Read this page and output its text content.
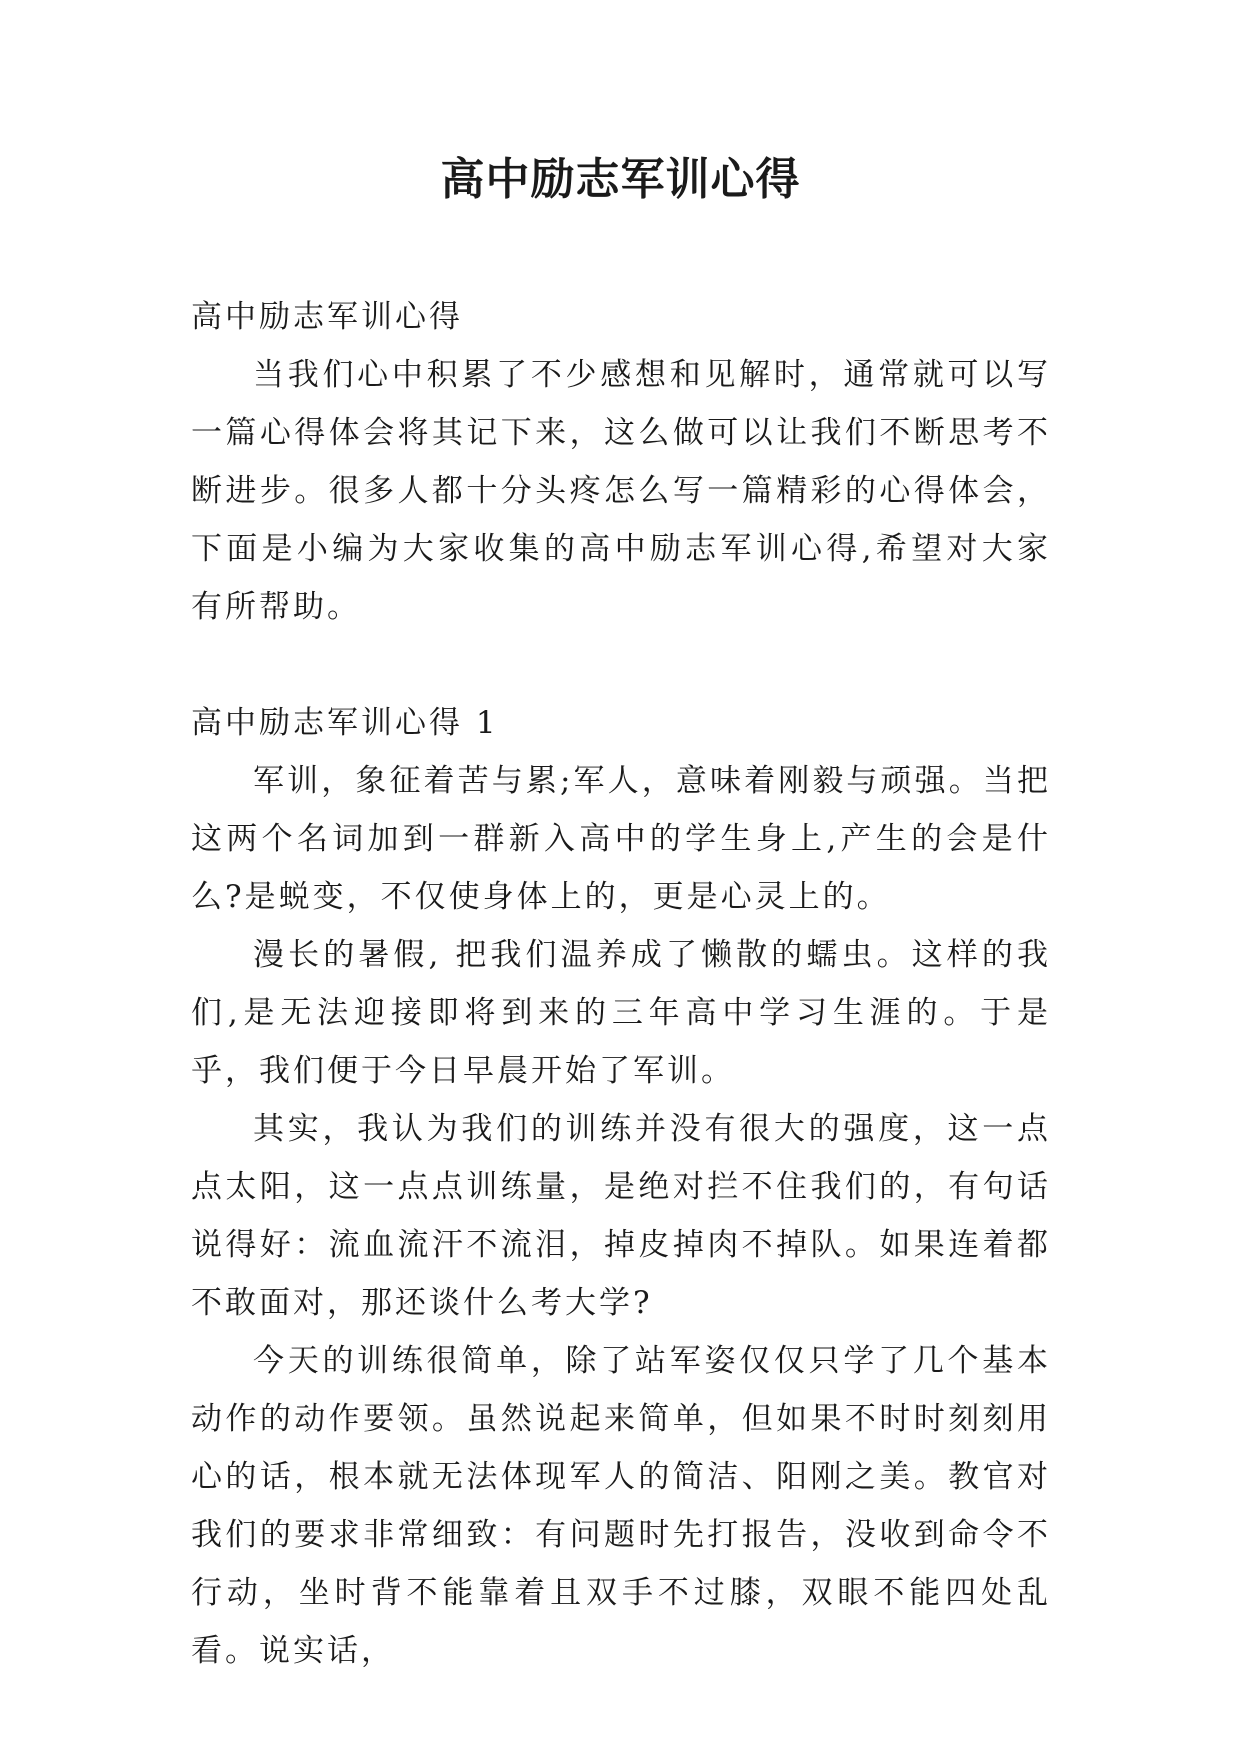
高中励志军训心得

高中励志军训心得

当我们心中积累了不少感想和见解时，通常就可以写一篇心得体会将其记下来，这么做可以让我们不断思考不断进步。很多人都十分头疼怎么写一篇精彩的心得体会，下面是小编为大家收集的高中励志军训心得,希望对大家有所帮助。

高中励志军训心得 1

军训，象征着苦与累;军人，意味着刚毅与顽强。当把这两个名词加到一群新入高中的学生身上,产生的会是什么?是蜕变，不仅使身体上的，更是心灵上的。

漫长的暑假, 把我们温养成了懒散的蠕虫。这样的我们,是无法迎接即将到来的三年高中学习生涯的。于是乎，我们便于今日早晨开始了军训。

其实，我认为我们的训练并没有很大的强度，这一点点太阳，这一点点训练量，是绝对拦不住我们的，有句话说得好：流血流汗不流泪，掉皮掉肉不掉队。如果连着都不敢面对，那还谈什么考大学?

今天的训练很简单，除了站军姿仅仅只学了几个基本动作的动作要领。虽然说起来简单，但如果不时时刻刻用心的话，根本就无法体现军人的简洁、阳刚之美。教官对我们的要求非常细致：有问题时先打报告，没收到命令不行动，坐时背不能靠着且双手不过膝，双眼不能四处乱看。说实话，
